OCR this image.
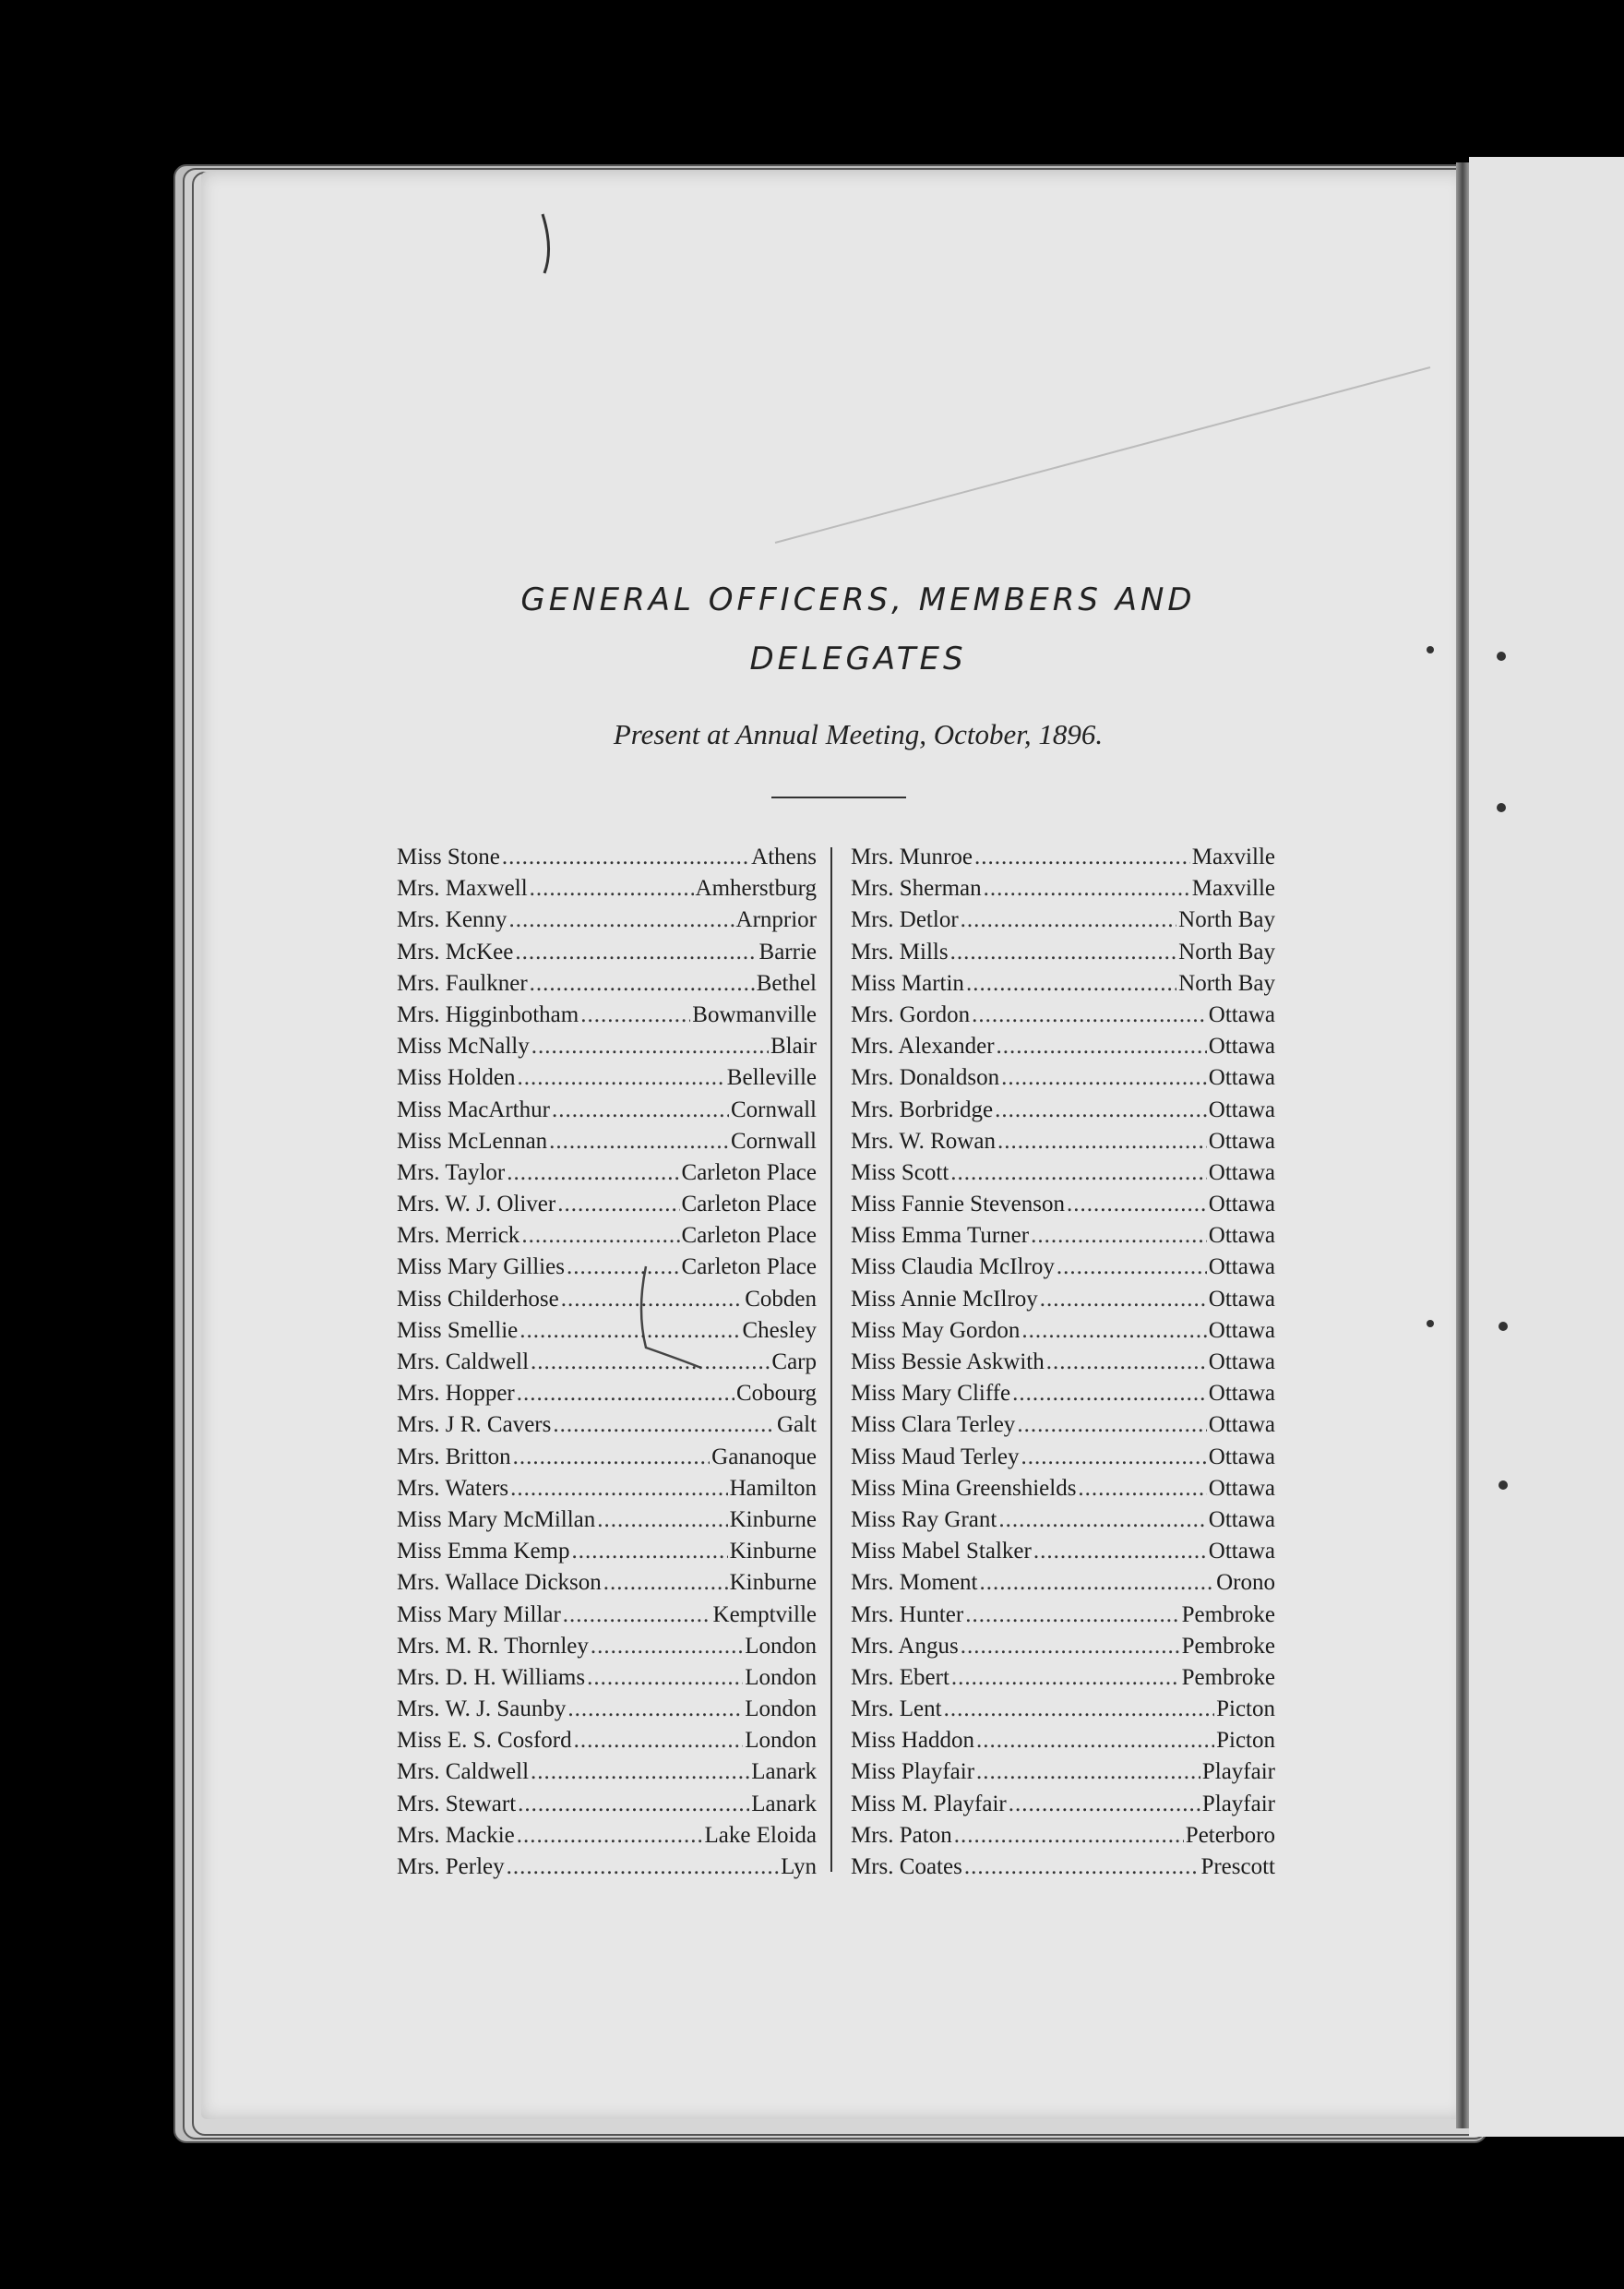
GENERAL OFFICERS, MEMBERS AND
DELEGATES
Present at Annual Meeting, October, 1896.
Miss Stone .....	Athens
Mrs. Maxwell .....	Amherstburg
Mrs. Kenny .....	Arnprior
Mrs. McKee .....	Barrie
Mrs. Faulkner .....	Bethel
Mrs. Higginbotham .....	Bowmanville
Miss McNally .....	Blair
Miss Holden .....	Belleville
Miss MacArthur .....	Cornwall
Miss McLennan .....	Cornwall
Mrs. Taylor .....	Carleton Place
Mrs. W. J. Oliver .....	Carleton Place
Mrs. Merrick .....	Carleton Place
Miss Mary Gillies .....	Carleton Place
Miss Childerhose .....	Cobden
Miss Smellie .....	Chesley
Mrs. Caldwell .....	Carp
Mrs. Hopper .....	Cobourg
Mrs. J R. Cavers .....	Galt
Mrs. Britton .....	Gananoque
Mrs. Waters .....	Hamilton
Miss Mary McMillan .....	Kinburne
Miss Emma Kemp .....	Kinburne
Mrs. Wallace Dickson .....	Kinburne
Miss Mary Millar .....	Kemptville
Mrs. M. R. Thornley .....	London
Mrs. D. H. Williams .....	London
Mrs. W. J. Saunby .....	London
Miss E. S. Cosford .....	London
Mrs. Caldwell .....	Lanark
Mrs. Stewart .....	Lanark
Mrs. Mackie .....	Lake Eloida
Mrs. Perley .....	Lyn
Mrs. Munroe .....	Maxville
Mrs. Sherman .....	Maxville
Mrs. Detlor .....	North Bay
Mrs. Mills .....	North Bay
Miss Martin .....	North Bay
Mrs. Gordon .....	Ottawa
Mrs. Alexander .....	Ottawa
Mrs. Donaldson .....	Ottawa
Mrs. Borbridge .....	Ottawa
Mrs. W. Rowan .....	Ottawa
Miss Scott .....	Ottawa
Miss Fannie Stevenson .....	Ottawa
Miss Emma Turner .....	Ottawa
Miss Claudia McIlroy .....	Ottawa
Miss Annie McIlroy .....	Ottawa
Miss May Gordon .....	Ottawa
Miss Bessie Askwith .....	Ottawa
Miss Mary Cliffe .....	Ottawa
Miss Clara Terley .....	Ottawa
Miss Maud Terley .....	Ottawa
Miss Mina Greenshields .....	Ottawa
Miss Ray Grant .....	Ottawa
Miss Mabel Stalker .....	Ottawa
Mrs. Moment .....	Orono
Mrs. Hunter .....	Pembroke
Mrs. Angus .....	Pembroke
Mrs. Ebert .....	Pembroke
Mrs. Lent .....	Picton
Miss Haddon .....	Picton
Miss Playfair .....	Playfair
Miss M. Playfair .....	Playfair
Mrs. Paton .....	Peterboro
Mrs. Coates .....	Prescott
